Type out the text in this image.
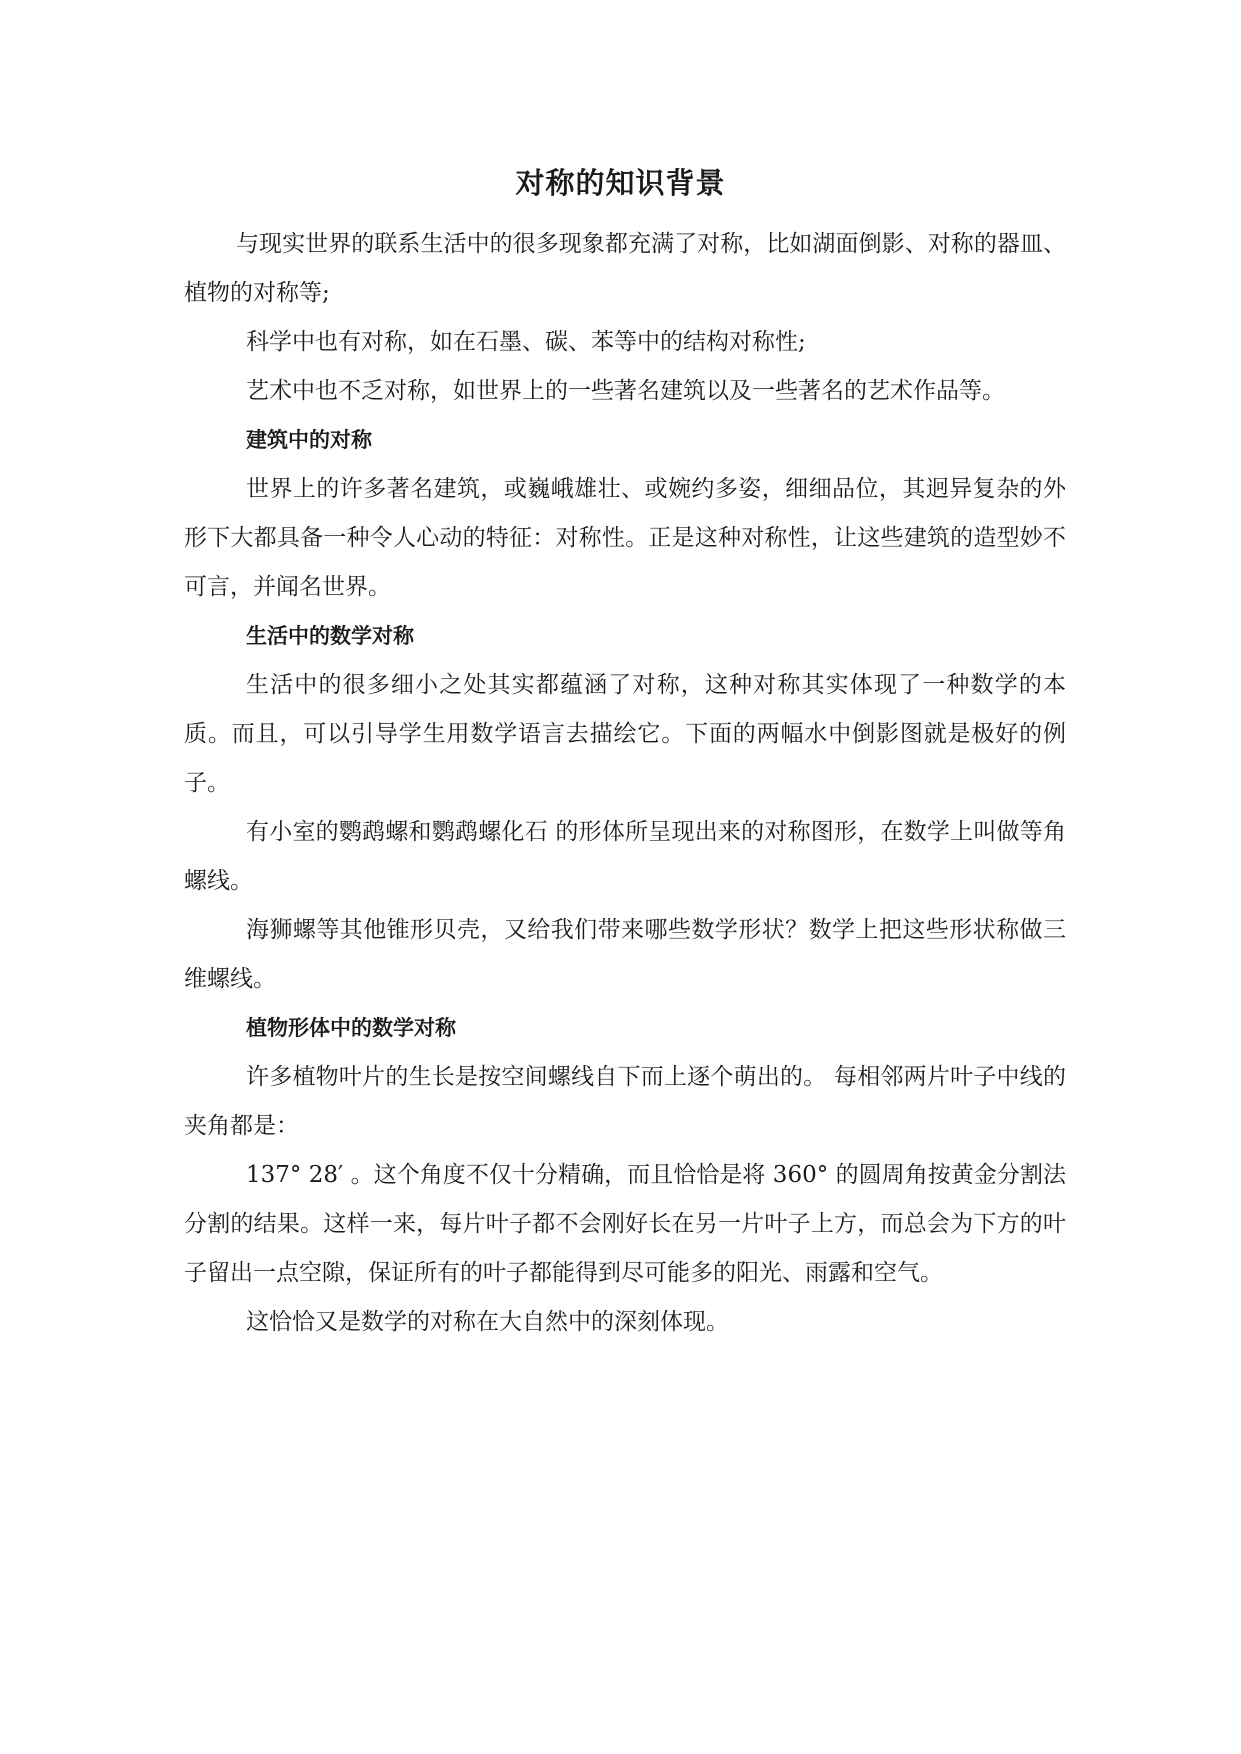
对称的知识背景

与现实世界的联系生活中的很多现象都充满了对称，比如湖面倒影、对称的器皿、植物的对称等;

科学中也有对称，如在石墨、碳、苯等中的结构对称性;

艺术中也不乏对称，如世界上的一些著名建筑以及一些著名的艺术作品等。

建筑中的对称

世界上的许多著名建筑，或巍峨雄壮、或婉约多姿，细细品位，其迥异复杂的外形下大都具备一种令人心动的特征：对称性。正是这种对称性，让这些建筑的造型妙不可言，并闻名世界。

生活中的数学对称

生活中的很多细小之处其实都蕴涵了对称，这种对称其实体现了一种数学的本质。而且，可以引导学生用数学语言去描绘它。下面的两幅水中倒影图就是极好的例子。

有小室的鹦鹉螺和鹦鹉螺化石 的形体所呈现出来的对称图形，在数学上叫做等角螺线。

海狮螺等其他锥形贝壳，又给我们带来哪些数学形状？数学上把这些形状称做三维螺线。

植物形体中的数学对称

许多植物叶片的生长是按空间螺线自下而上逐个萌出的。 每相邻两片叶子中线的夹角都是：

137° 28′ 。这个角度不仅十分精确，而且恰恰是将 360° 的圆周角按黄金分割法分割的结果。这样一来，每片叶子都不会刚好长在另一片叶子上方，而总会为下方的叶子留出一点空隙，保证所有的叶子都能得到尽可能多的阳光、雨露和空气。

这恰恰又是数学的对称在大自然中的深刻体现。
